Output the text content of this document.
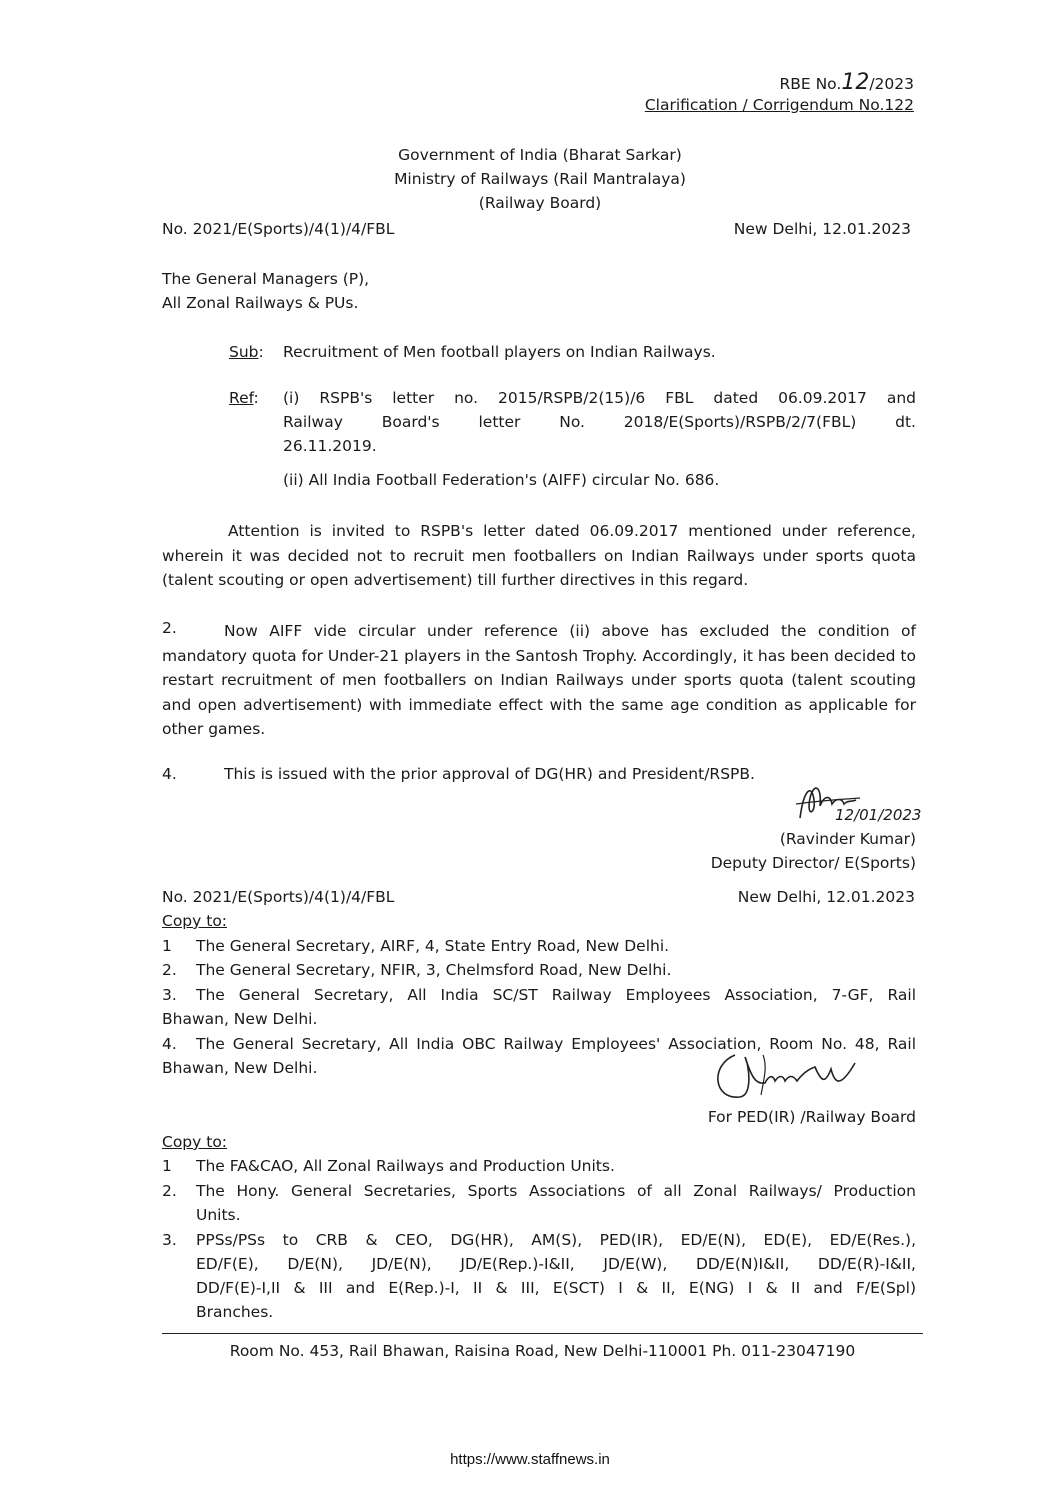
RBE No.12/2023
Clarification / Corrigendum No.122
Government of India (Bharat Sarkar)
Ministry of Railways (Rail Mantralaya)
(Railway Board)
No. 2021/E(Sports)/4(1)/4/FBL	New Delhi, 12.01.2023
The General Managers (P),
All Zonal Railways & PUs.
Sub: Recruitment of Men football players on Indian Railways.
Ref: (i) RSPB's letter no. 2015/RSPB/2(15)/6 FBL dated 06.09.2017 and
Railway Board's letter No. 2018/E(Sports)/RSPB/2/7(FBL) dt.
26.11.2019.
(ii) All India Football Federation's (AIFF) circular No. 686.
Attention is invited to RSPB's letter dated 06.09.2017 mentioned under reference, wherein it was decided not to recruit men footballers on Indian Railways under sports quota (talent scouting or open advertisement) till further directives in this regard.
2.	Now AIFF vide circular under reference (ii) above has excluded the condition of mandatory quota for Under-21 players in the Santosh Trophy. Accordingly, it has been decided to restart recruitment of men footballers on Indian Railways under sports quota (talent scouting and open advertisement) with immediate effect with the same age condition as applicable for other games.
4.	This is issued with the prior approval of DG(HR) and President/RSPB.
12/01/2023
(Ravinder Kumar)
Deputy Director/ E(Sports)
No. 2021/E(Sports)/4(1)/4/FBL	New Delhi, 12.01.2023
Copy to:
1 The General Secretary, AIRF, 4, State Entry Road, New Delhi.
2. The General Secretary, NFIR, 3, Chelmsford Road, New Delhi.
3. The General Secretary, All India SC/ST Railway Employees Association, 7-GF, Rail
Bhawan, New Delhi.
4. The General Secretary, All India OBC Railway Employees' Association, Room No. 48, Rail
Bhawan, New Delhi.
For PED(IR) /Railway Board
Copy to:
1 The FA&CAO, All Zonal Railways and Production Units.
2. The Hony. General Secretaries, Sports Associations of all Zonal Railways/ Production
Units.
3. PPSs/PSs to CRB & CEO, DG(HR), AM(S), PED(IR), ED/E(N), ED(E), ED/E(Res.),
ED/F(E), D/E(N), JD/E(N), JD/E(Rep.)-I&II, JD/E(W), DD/E(N)I&II, DD/E(R)-I&II,
DD/F(E)-I,II & III and E(Rep.)-I, II & III, E(SCT) I & II, E(NG) I & II and F/E(Spl)
Branches.
Room No. 453, Rail Bhawan, Raisina Road, New Delhi-110001 Ph. 011-23047190
https://www.staffnews.in
